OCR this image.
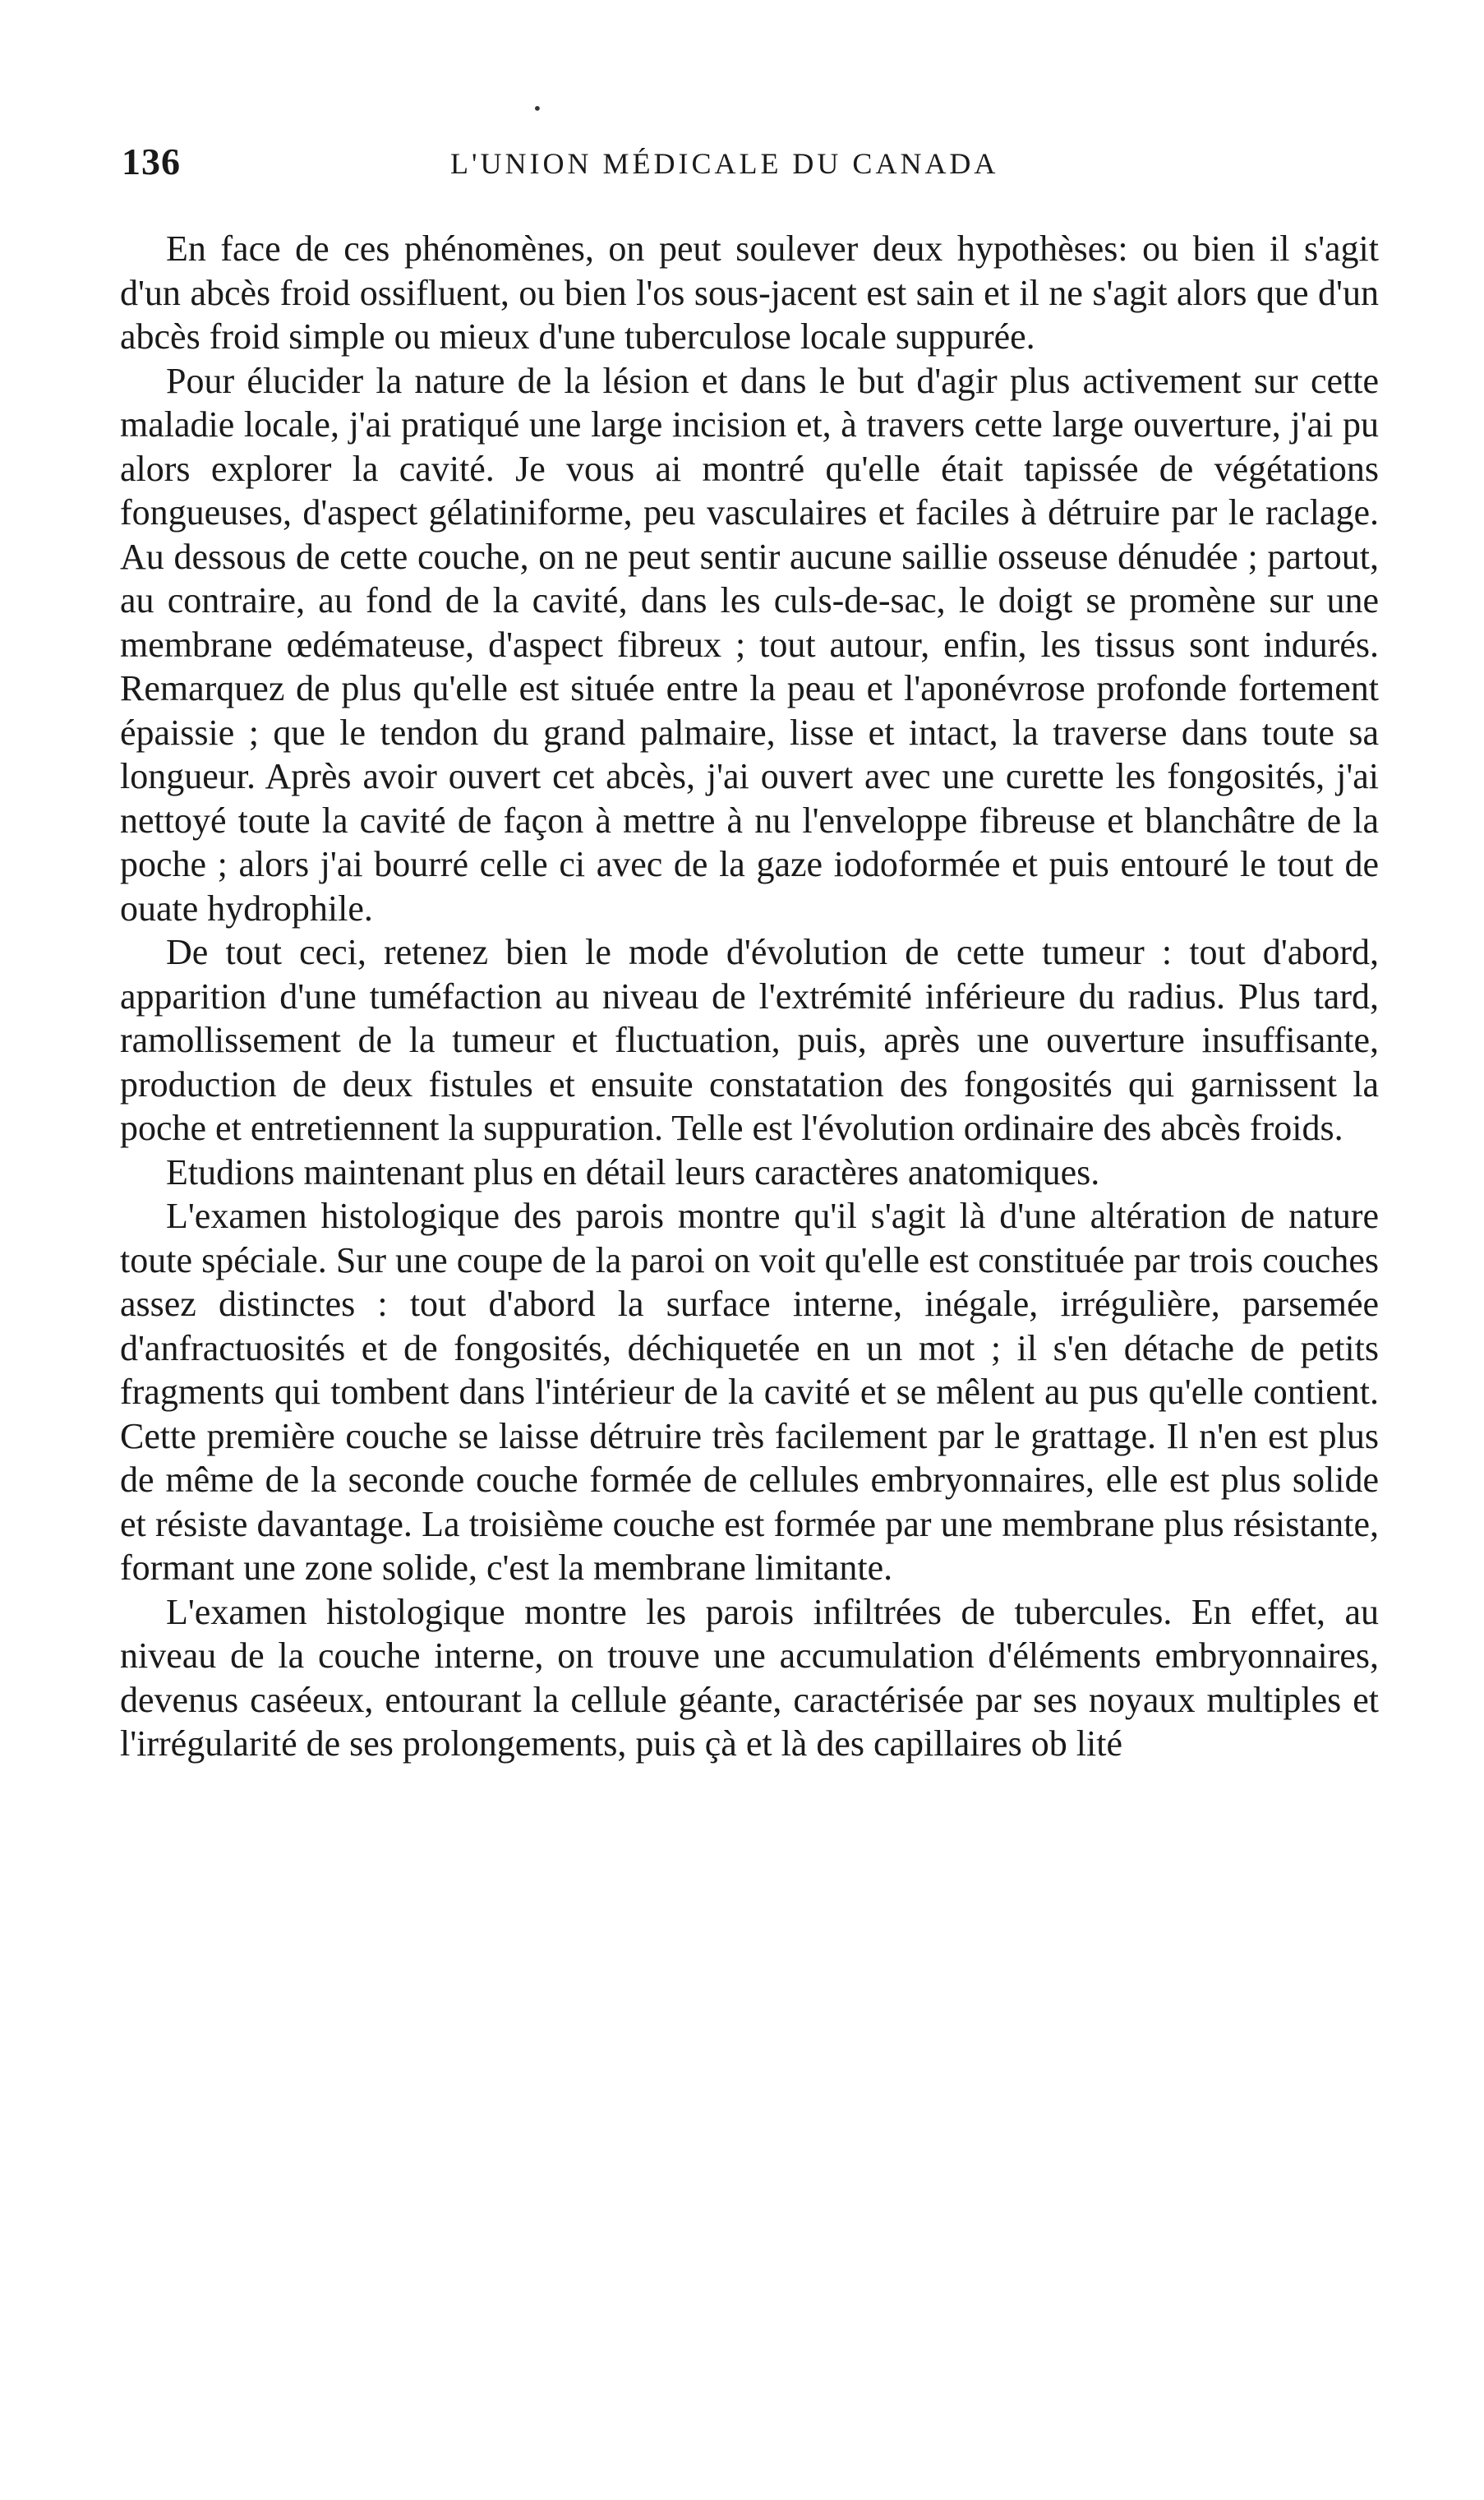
•
136	L'UNION MÉDICALE DU CANADA

En face de ces phénomènes, on peut soulever deux hypothèses: ou bien il s'agit d'un abcès froid ossifluent, ou bien l'os sous-jacent est sain et il ne s'agit alors que d'un abcès froid simple ou mieux d'une tuberculose locale suppurée.

Pour élucider la nature de la lésion et dans le but d'agir plus activement sur cette maladie locale, j'ai pratiqué une large incision et, à travers cette large ouverture, j'ai pu alors explorer la cavité. Je vous ai montré qu'elle était tapissée de végétations fongueuses, d'aspect gélatiniforme, peu vasculaires et faciles à détruire par le raclage. Au dessous de cette couche, on ne peut sentir aucune saillie osseuse dénudée ; partout, au contraire, au fond de la cavité, dans les culs-de-sac, le doigt se promène sur une membrane œdémateuse, d'aspect fibreux ; tout autour, enfin, les tissus sont indurés. Remarquez de plus qu'elle est située entre la peau et l'aponévrose profonde fortement épaissie ; que le tendon du grand palmaire, lisse et intact, la traverse dans toute sa longueur. Après avoir ouvert cet abcès, j'ai ouvert avec une curette les fongosités, j'ai nettoyé toute la cavité de façon à mettre à nu l'enveloppe fibreuse et blanchâtre de la poche ; alors j'ai bourré celle ci avec de la gaze iodoformée et puis entouré le tout de ouate hydrophile.

De tout ceci, retenez bien le mode d'évolution de cette tumeur : tout d'abord, apparition d'une tuméfaction au niveau de l'extrémité inférieure du radius. Plus tard, ramollissement de la tumeur et fluctuation, puis, après une ouverture insuffisante, production de deux fistules et ensuite constatation des fongosités qui garnissent la poche et entretiennent la suppuration. Telle est l'évolution ordinaire des abcès froids.

Etudions maintenant plus en détail leurs caractères anatomiques.

L'examen histologique des parois montre qu'il s'agit là d'une altération de nature toute spéciale. Sur une coupe de la paroi on voit qu'elle est constituée par trois couches assez distinctes : tout d'abord la surface interne, inégale, irrégulière, parsemée d'anfractuosités et de fongosités, déchiquetée en un mot ; il s'en détache de petits fragments qui tombent dans l'intérieur de la cavité et se mêlent au pus qu'elle contient. Cette première couche se laisse détruire très facilement par le grattage. Il n'en est plus de même de la seconde couche formée de cellules embryonnaires, elle est plus solide et résiste davantage. La troisième couche est formée par une membrane plus résistante, formant une zone solide, c'est la membrane limitante.

L'examen histologique montre les parois infiltrées de tubercules. En effet, au niveau de la couche interne, on trouve une accumulation d'éléments embryonnaires, devenus caséeux, entourant la cellule géante, caractérisée par ses noyaux multiples et l'irrégularité de ses prolongements, puis çà et là des capillaires ob lité
